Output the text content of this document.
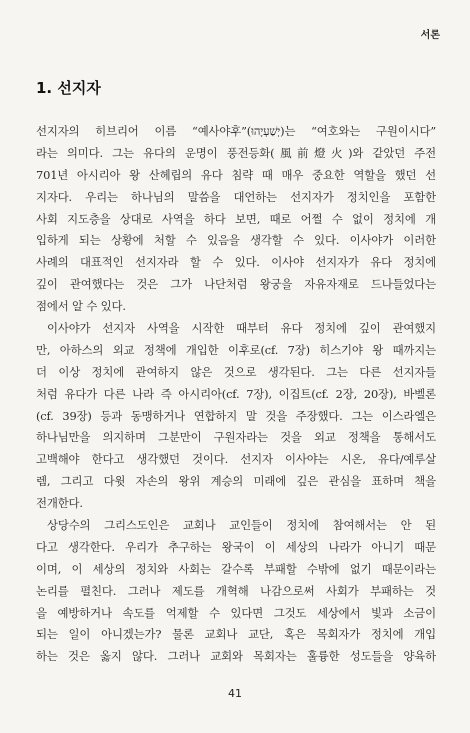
서론
1. 선지자
선지자의 히브리어 이름 “예사야후”(יְשַׁעְיָהוּ)는 “여호와는 구원이시다”
라는 의미다. 그는 유다의 운명이 풍전등화(風前燈火)와 같았던 주전
701년 아시리아 왕 산헤립의 유다 침략 때 매우 중요한 역할을 했던 선
지자다. 우리는 하나님의 말씀을 대언하는 선지자가 정치인을 포함한
사회 지도층을 상대로 사역을 하다 보면, 때로 어쩔 수 없이 정치에 개
입하게 되는 상황에 처할 수 있음을 생각할 수 있다. 이사야가 이러한
사례의 대표적인 선지자라 할 수 있다. 이사야 선지자가 유다 정치에
깊이 관여했다는 것은 그가 나단처럼 왕궁을 자유자재로 드나들었다는
점에서 알 수 있다.
이사야가 선지자 사역을 시작한 때부터 유다 정치에 깊이 관여했지
만, 아하스의 외교 정책에 개입한 이후로(cf. 7장) 히스기야 왕 때까지는
더 이상 정치에 관여하지 않은 것으로 생각된다. 그는 다른 선지자들
처럼 유다가 다른 나라 즉 아시리아(cf. 7장), 이집트(cf. 2장, 20장), 바벨론
(cf. 39장) 등과 동맹하거나 연합하지 말 것을 주장했다. 그는 이스라엘은
하나님만을 의지하며 그분만이 구원자라는 것을 외교 정책을 통해서도
고백해야 한다고 생각했던 것이다. 선지자 이사야는 시온, 유다/예루살
렘, 그리고 다윗 자손의 왕위 계승의 미래에 깊은 관심을 표하며 책을
전개한다.
상당수의 그리스도인은 교회나 교인들이 정치에 참여해서는 안 된
다고 생각한다. 우리가 추구하는 왕국이 이 세상의 나라가 아니기 때문
이며, 이 세상의 정치와 사회는 갈수록 부패할 수밖에 없기 때문이라는
논리를 펼친다. 그러나 제도를 개혁해 나감으로써 사회가 부패하는 것
을 예방하거나 속도를 억제할 수 있다면 그것도 세상에서 빛과 소금이
되는 일이 아니겠는가? 물론 교회나 교단, 혹은 목회자가 정치에 개입
하는 것은 옳지 않다. 그러나 교회와 목회자는 훌륭한 성도들을 양육하
41
